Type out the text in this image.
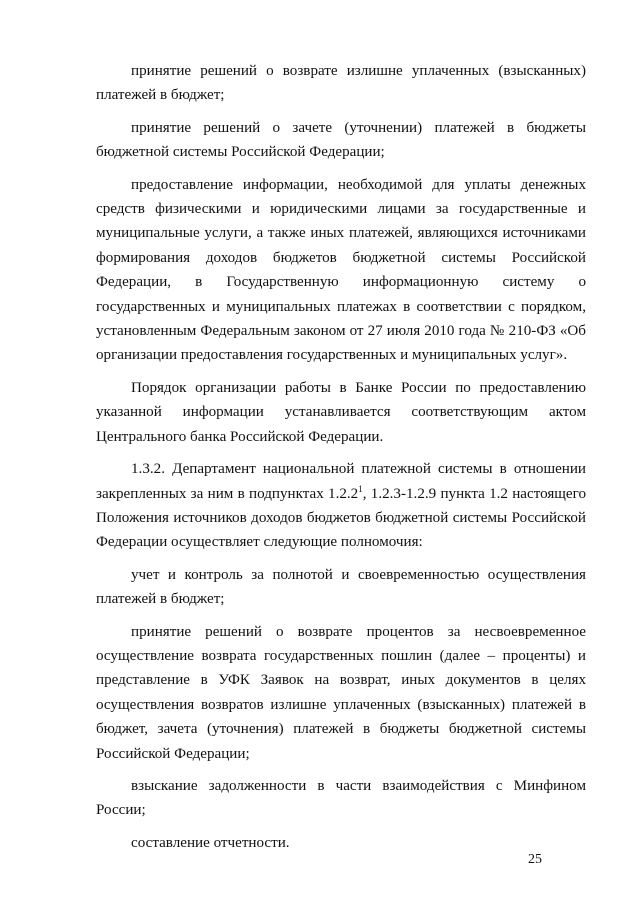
принятие решений о возврате излишне уплаченных (взысканных) платежей в бюджет;

принятие решений о зачете (уточнении) платежей в бюджеты бюджетной системы Российской Федерации;

предоставление информации, необходимой для уплаты денежных средств физическими и юридическими лицами за государственные и муниципальные услуги, а также иных платежей, являющихся источниками формирования доходов бюджетов бюджетной системы Российской Федерации, в Государственную информационную систему о государственных и муниципальных платежах в соответствии с порядком, установленным Федеральным законом от 27 июля 2010 года № 210-ФЗ «Об организации предоставления государственных и муниципальных услуг».

Порядок организации работы в Банке России по предоставлению указанной информации устанавливается соответствующим актом Центрального банка Российской Федерации.

1.3.2. Департамент национальной платежной системы в отношении закрепленных за ним в подпунктах 1.2.2$^1$, 1.2.3-1.2.9 пункта 1.2 настоящего Положения источников доходов бюджетов бюджетной системы Российской Федерации осуществляет следующие полномочия:

учет и контроль за полнотой и своевременностью осуществления платежей в бюджет;

принятие решений о возврате процентов за несвоевременное осуществление возврата государственных пошлин (далее – проценты) и представление в УФК Заявок на возврат, иных документов в целях осуществления возвратов излишне уплаченных (взысканных) платежей в бюджет, зачета (уточнения) платежей в бюджеты бюджетной системы Российской Федерации;

взыскание задолженности в части взаимодействия с Минфином России;

составление отчетности.

25
